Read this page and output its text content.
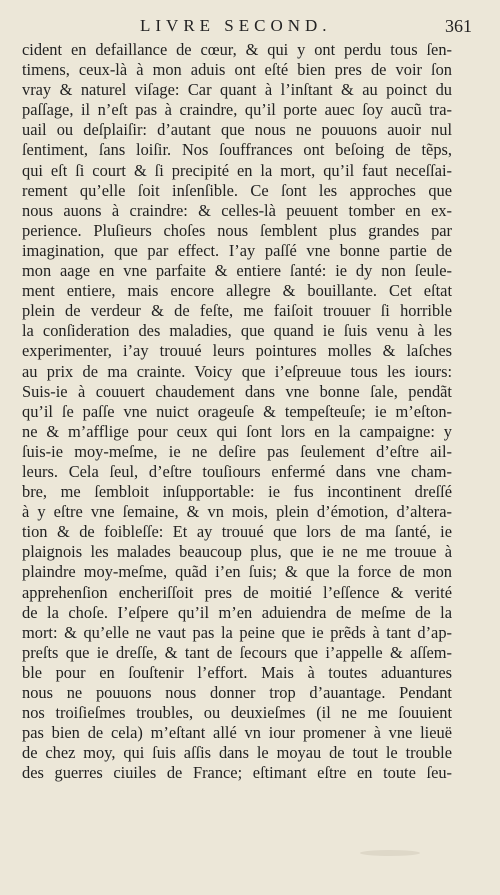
LIVRE SECOND.	361
cident en defaillance de cœur, & qui y ont perdu tous ſen-
timens, ceux-là à mon aduis ont eſté bien pres de voir ſon
vray & naturel viſage: Car quant à l’inſtant & au poinct du
paſſage, il n’eſt pas à craindre, qu’il porte auec ſoy aucũ tra-
uail ou deſplaiſir: d’autant que nous ne pouuons auoir nul
ſentiment, ſans loiſir. Nos ſouffrances ont beſoing de tẽps,
qui eſt ſi court & ſi precipité en la mort, qu’il faut neceſſai-
rement qu’elle ſoit inſenſible. Ce ſont les approches que
nous auons à craindre: & celles-là peuuent tomber en ex-
perience. Pluſieurs choſes nous ſemblent plus grandes par
imagination, que par effect. I’ay paſſé vne bonne partie de
mon aage en vne parfaite & entiere ſanté: ie dy non ſeule-
ment entiere, mais encore allegre & bouillante. Cet eſtat
plein de verdeur & de feſte, me faiſoit trouuer ſi horrible
la conſideration des maladies, que quand ie ſuis venu à les
experimenter, i’ay trouué leurs pointures molles & laſches
au prix de ma crainte. Voicy que i’eſpreuue tous les iours:
Suis-ie à couuert chaudement dans vne bonne ſale, pendãt
qu’il ſe paſſe vne nuict orageuſe & tempeſteuſe; ie m’eſton-
ne & m’afflige pour ceux qui ſont lors en la campaigne: y
ſuis-ie moy-meſme, ie ne deſire pas ſeulement d’eſtre ail-
leurs. Cela ſeul, d’eſtre touſiours enfermé dans vne cham-
bre, me ſembloit inſupportable: ie fus incontinent dreſſé
à y eſtre vne ſemaine, & vn mois, plein d’émotion, d’altera-
tion & de foibleſſe: Et ay trouué que lors de ma ſanté, ie
plaignois les malades beaucoup plus, que ie ne me trouue à
plaindre moy-meſme, quãd i’en ſuis; & que la force de mon
apprehenſion encheriſſoit pres de moitié l’eſſence & verité
de la choſe. I’eſpere qu’il m’en aduiendra de meſme de la
mort: & qu’elle ne vaut pas la peine que ie prẽds à tant d’ap-
preſts que ie dreſſe, & tant de ſecours que i’appelle & aſſem-
ble pour en ſouſtenir l’effort. Mais à toutes aduantures
nous ne pouuons nous donner trop d’auantage. Pendant
nos troiſieſmes troubles, ou deuxieſmes (il ne me ſouuient
pas bien de cela) m’eſtant allé vn iour promener à vne lieuë
de chez moy, qui ſuis aſſis dans le moyau de tout le trouble
des guerres ciuiles de France; eſtimant eſtre en toute ſeu-
